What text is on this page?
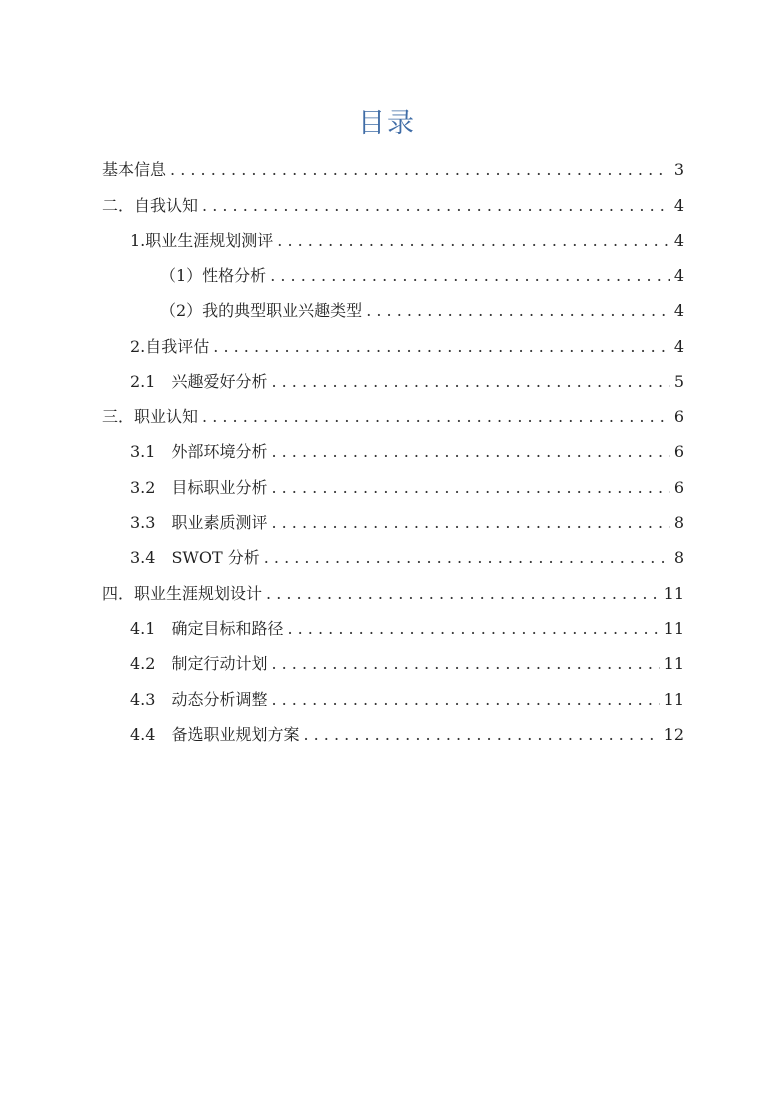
目录
基本信息 . . .	3
二．自我认知 . . .	4
1.职业生涯规划测评 . . .	4
（1）性格分析 . . .	4
（2）我的典型职业兴趣类型 . . .	4
2.自我评估 . . .	4
2.1　兴趣爱好分析 . . .	5
三．职业认知 . . .	6
3.1　外部环境分析 . . .	6
3.2　目标职业分析 . . .	6
3.3　职业素质测评 . . .	8
3.4　SWOT 分析 . . .	8
四．职业生涯规划设计 . . .	11
4.1　确定目标和路径 . . .	11
4.2　制定行动计划 . . .	11
4.3　动态分析调整 . . .	11
4.4　备选职业规划方案 . . .	12
